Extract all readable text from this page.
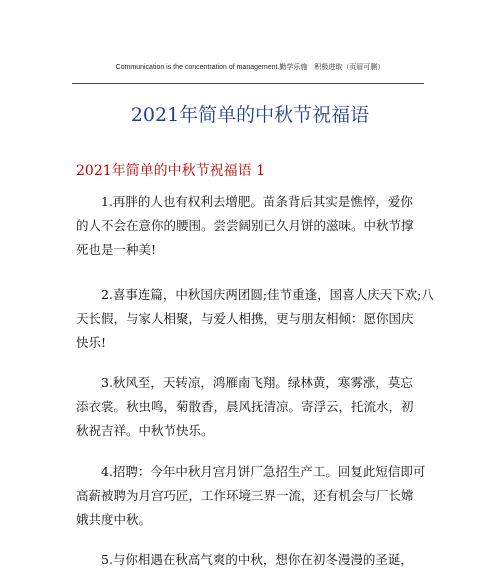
Communication is the concentration of management.勤学乐施　积极进取（页眉可删）
2021年简单的中秋节祝福语
2021年简单的中秋节祝福语 1
1.再胖的人也有权利去增肥。苗条背后其实是憔悴，爱你
的人不会在意你的腰围。尝尝阔别已久月饼的滋味。中秋节撑
死也是一种美!
2.喜事连篇，中秋国庆两团圆;佳节重逢，国喜人庆天下欢;八
天长假，与家人相聚，与爱人相携，更与朋友相倾：愿你国庆
快乐!
3.秋风至，天转凉，鸿雁南飞翔。绿林黄，寒雾涨，莫忘
添衣裳。秋虫鸣，菊散香，晨风抚清凉。寄浮云，托流水，初
秋祝吉祥。中秋节快乐。
4.招聘：今年中秋月宫月饼厂急招生产工。回复此短信即可
高薪被聘为月宫巧匠，工作环境三界一流，还有机会与厂长嫦
娥共度中秋。
5.与你相遇在秋高气爽的中秋，想你在初冬漫漫的圣诞，
